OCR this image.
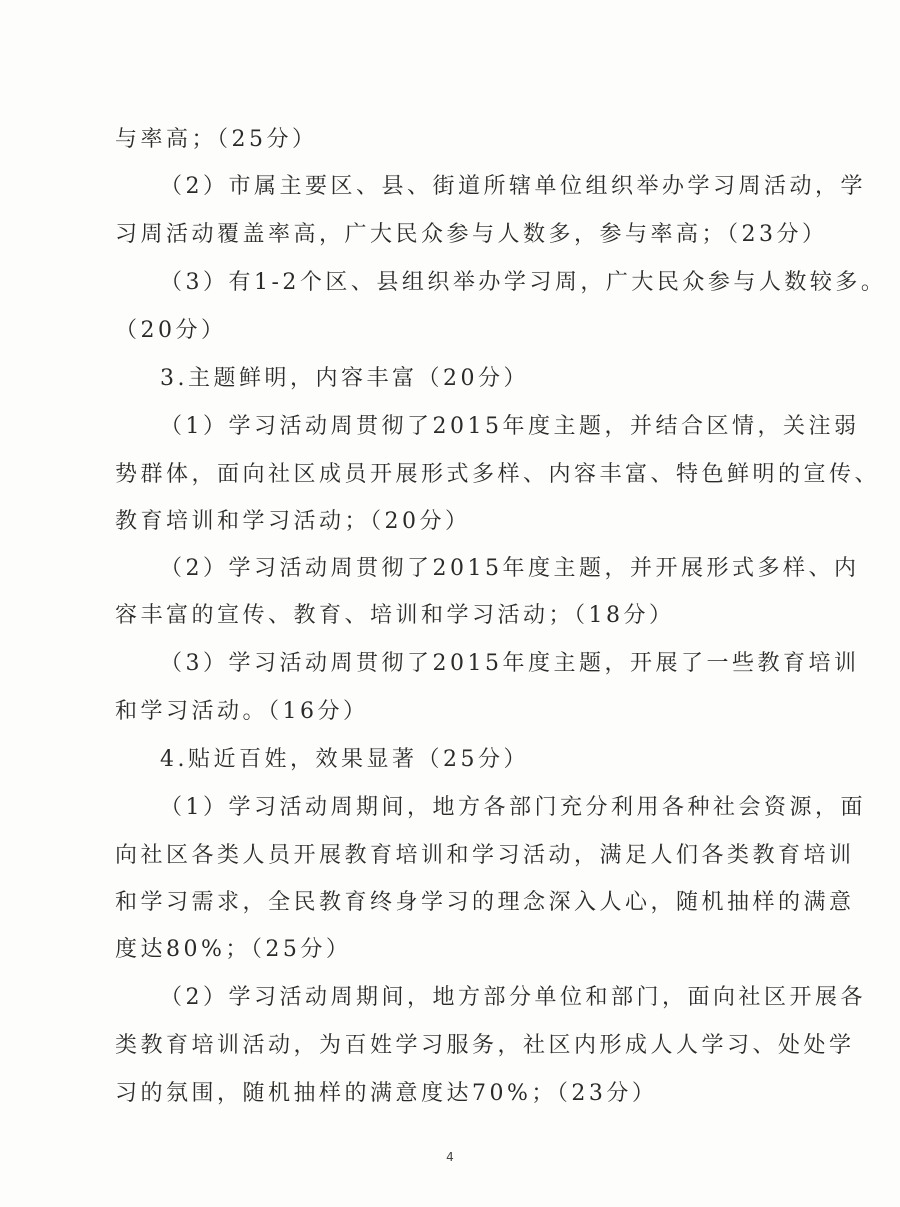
与率高；（25分）
（2）市属主要区、县、街道所辖单位组织举办学习周活动，学
习周活动覆盖率高，广大民众参与人数多，参与率高；（23分）
（3）有1-2个区、县组织举办学习周，广大民众参与人数较多。
（20分）
3.主题鲜明，内容丰富（20分）
（1）学习活动周贯彻了2015年度主题，并结合区情，关注弱
势群体，面向社区成员开展形式多样、内容丰富、特色鲜明的宣传、
教育培训和学习活动；（20分）
（2）学习活动周贯彻了2015年度主题，并开展形式多样、内
容丰富的宣传、教育、培训和学习活动；（18分）
（3）学习活动周贯彻了2015年度主题，开展了一些教育培训
和学习活动。（16分）
4.贴近百姓，效果显著（25分）
（1）学习活动周期间，地方各部门充分利用各种社会资源，面
向社区各类人员开展教育培训和学习活动，满足人们各类教育培训
和学习需求，全民教育终身学习的理念深入人心，随机抽样的满意
度达80%；（25分）
（2）学习活动周期间，地方部分单位和部门，面向社区开展各
类教育培训活动，为百姓学习服务，社区内形成人人学习、处处学
习的氛围，随机抽样的满意度达70%；（23分）
4
